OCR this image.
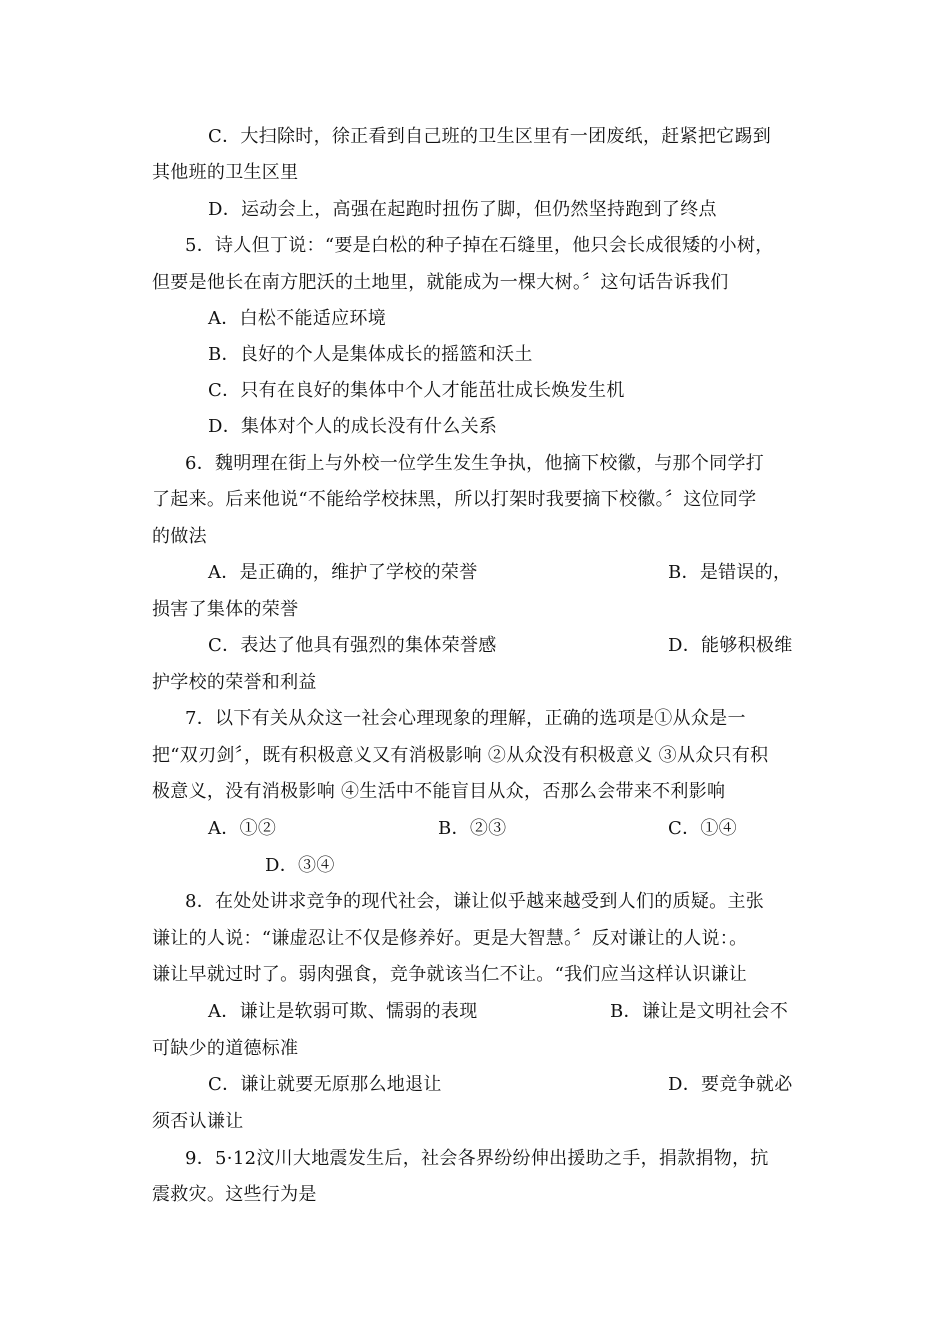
C．大扫除时，徐正看到自己班的卫生区里有一团废纸，赶紧把它踢到
其他班的卫生区里
D．运动会上，高强在起跑时扭伤了脚，但仍然坚持跑到了终点
5．诗人但丁说：“要是白松的种子掉在石缝里，他只会长成很矮的小树，
但要是他长在南方肥沃的土地里，就能成为一棵大树。〞这句话告诉我们
A．白松不能适应环境
B．良好的个人是集体成长的摇篮和沃土
C．只有在良好的集体中个人才能茁壮成长焕发生机
D．集体对个人的成长没有什么关系
6．魏明理在街上与外校一位学生发生争执，他摘下校徽，与那个同学打
了起来。后来他说“不能给学校抹黑，所以打架时我要摘下校徽。〞这位同学
的做法
A．是正确的，维护了学校的荣誉	B．是错误的，
损害了集体的荣誉
C．表达了他具有强烈的集体荣誉感	D．能够积极维
护学校的荣誉和利益
7．以下有关从众这一社会心理现象的理解，正确的选项是①从众是一
把“双刃剑〞，既有积极意义又有消极影响 ②从众没有积极意义 ③从众只有积
极意义，没有消极影响 ④生活中不能盲目从众，否那么会带来不利影响
A．①②	B．②③	C．①④
D．③④
8．在处处讲求竞争的现代社会，谦让似乎越来越受到人们的质疑。主张
谦让的人说：“谦虚忍让不仅是修养好。更是大智慧。〞反对谦让的人说：。
谦让早就过时了。弱肉强食，竞争就该当仁不让。“我们应当这样认识谦让
A．谦让是软弱可欺、懦弱的表现	B．谦让是文明社会不
可缺少的道德标准
C．谦让就要无原那么地退让	D．要竞争就必
须否认谦让
9．5·12汶川大地震发生后，社会各界纷纷伸出援助之手，捐款捐物，抗
震救灾。这些行为是
